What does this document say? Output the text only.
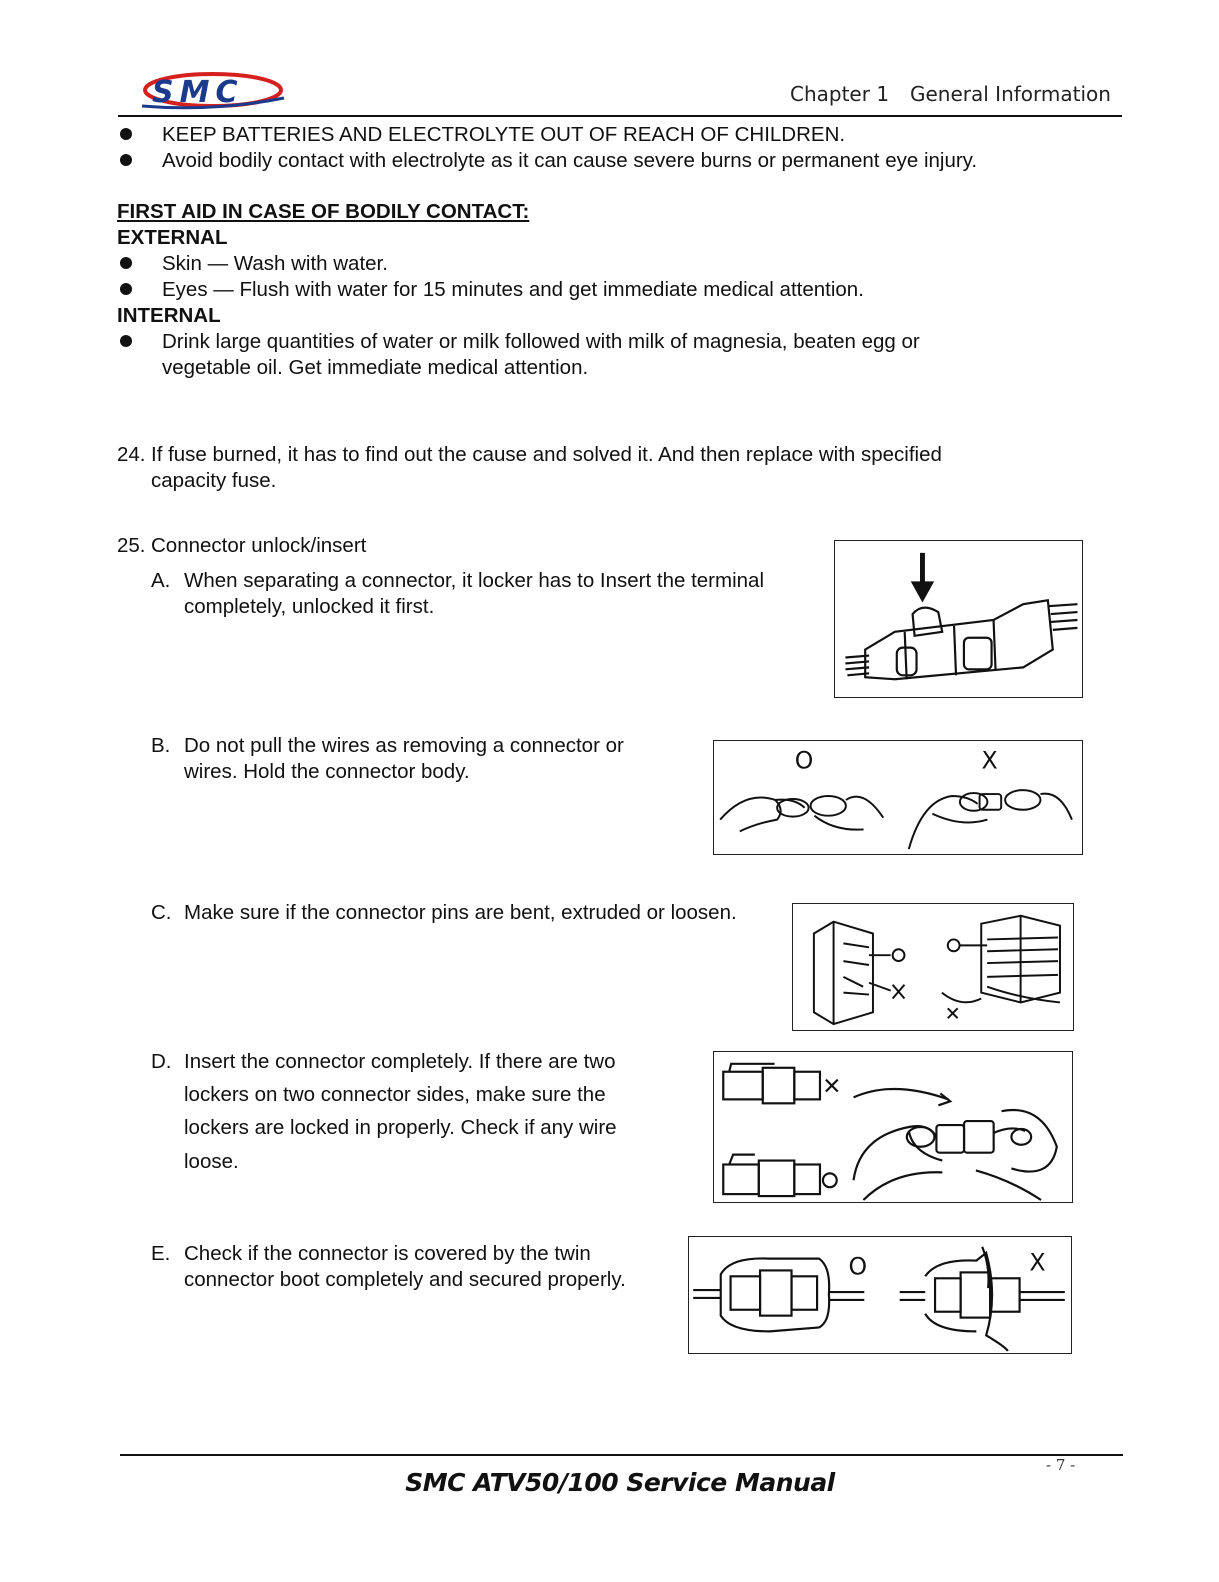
SMC	Chapter 1 General Information
KEEP BATTERIES AND ELECTROLYTE OUT OF REACH OF CHILDREN.
Avoid bodily contact with electrolyte as it can cause severe burns or permanent eye injury.
FIRST AID IN CASE OF BODILY CONTACT:
EXTERNAL
Skin — Wash with water.
Eyes — Flush with water for 15 minutes and get immediate medical attention.
INTERNAL
Drink large quantities of water or milk followed with milk of magnesia, beaten egg or
vegetable oil. Get immediate medical attention.
24. If fuse burned, it has to find out the cause and solved it. And then replace with specified
capacity fuse.
25. Connector unlock/insert
A. When separating a connector, it locker has to Insert the terminal
completely, unlocked it first.
B. Do not pull the wires as removing a connector or
wires. Hold the connector body.	O	X
C. Make sure if the connector pins are bent, extruded or loosen.
D. Insert the connector completely. If there are two
lockers on two connector sides, make sure the
lockers are locked in properly. Check if any wire
loose.
E. Check if the connector is covered by the twin
connector boot completely and secured properly.	O	X
- 7 -
SMC ATV50/100 Service Manual
